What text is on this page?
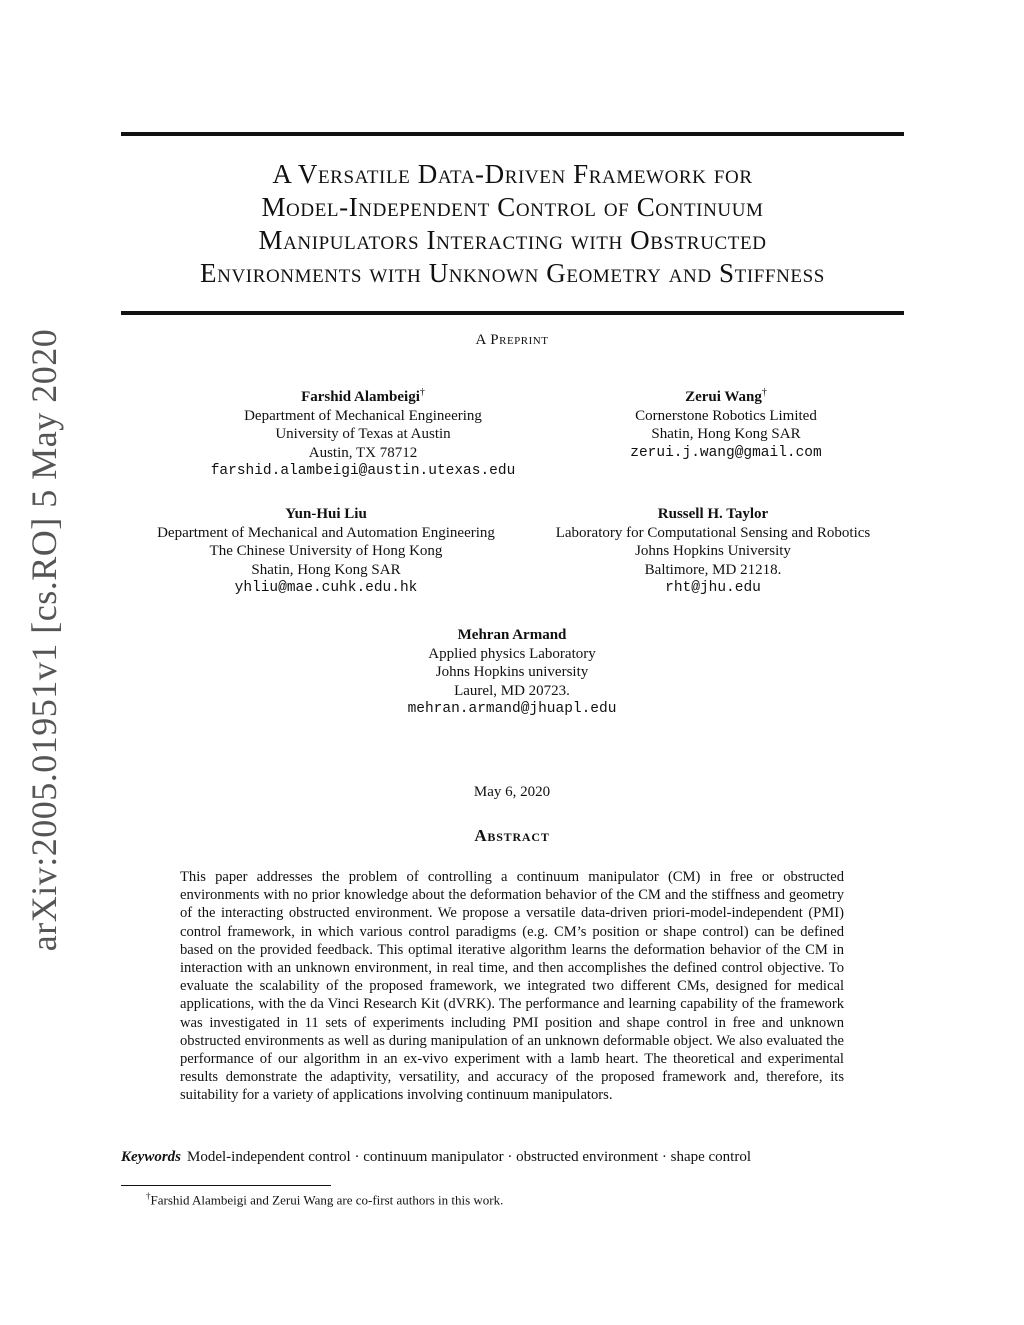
arXiv:2005.01951v1 [cs.RO] 5 May 2020
A Versatile Data-Driven Framework for
Model-Independent Control of Continuum
Manipulators Interacting with Obstructed
Environments with Unknown Geometry and Stiffness
A Preprint
Farshid Alambeigi†
Department of Mechanical Engineering
University of Texas at Austin
Austin, TX 78712
farshid.alambeigi@austin.utexas.edu
Zerui Wang†
Cornerstone Robotics Limited
Shatin, Hong Kong SAR
zerui.j.wang@gmail.com
Yun-Hui Liu
Department of Mechanical and Automation Engineering
The Chinese University of Hong Kong
Shatin, Hong Kong SAR
yhliu@mae.cuhk.edu.hk
Russell H. Taylor
Laboratory for Computational Sensing and Robotics
Johns Hopkins University
Baltimore, MD 21218.
rht@jhu.edu
Mehran Armand
Applied physics Laboratory
Johns Hopkins university
Laurel, MD 20723.
mehran.armand@jhuapl.edu
May 6, 2020
Abstract
This paper addresses the problem of controlling a continuum manipulator (CM) in free or obstructed environments with no prior knowledge about the deformation behavior of the CM and the stiffness and geometry of the interacting obstructed environment. We propose a versatile data-driven priori-model-independent (PMI) control framework, in which various control paradigms (e.g. CM’s position or shape control) can be defined based on the provided feedback. This optimal iterative algorithm learns the deformation behavior of the CM in interaction with an unknown environment, in real time, and then accomplishes the defined control objective. To evaluate the scalability of the proposed framework, we integrated two different CMs, designed for medical applications, with the da Vinci Research Kit (dVRK). The performance and learning capability of the framework was investigated in 11 sets of experiments including PMI position and shape control in free and unknown obstructed environments as well as during manipulation of an unknown deformable object. We also evaluated the performance of our algorithm in an ex-vivo experiment with a lamb heart. The theoretical and experimental results demonstrate the adaptivity, versatility, and accuracy of the proposed framework and, therefore, its suitability for a variety of applications involving continuum manipulators.
Keywords Model-independent control · continuum manipulator · obstructed environment · shape control
†Farshid Alambeigi and Zerui Wang are co-first authors in this work.
